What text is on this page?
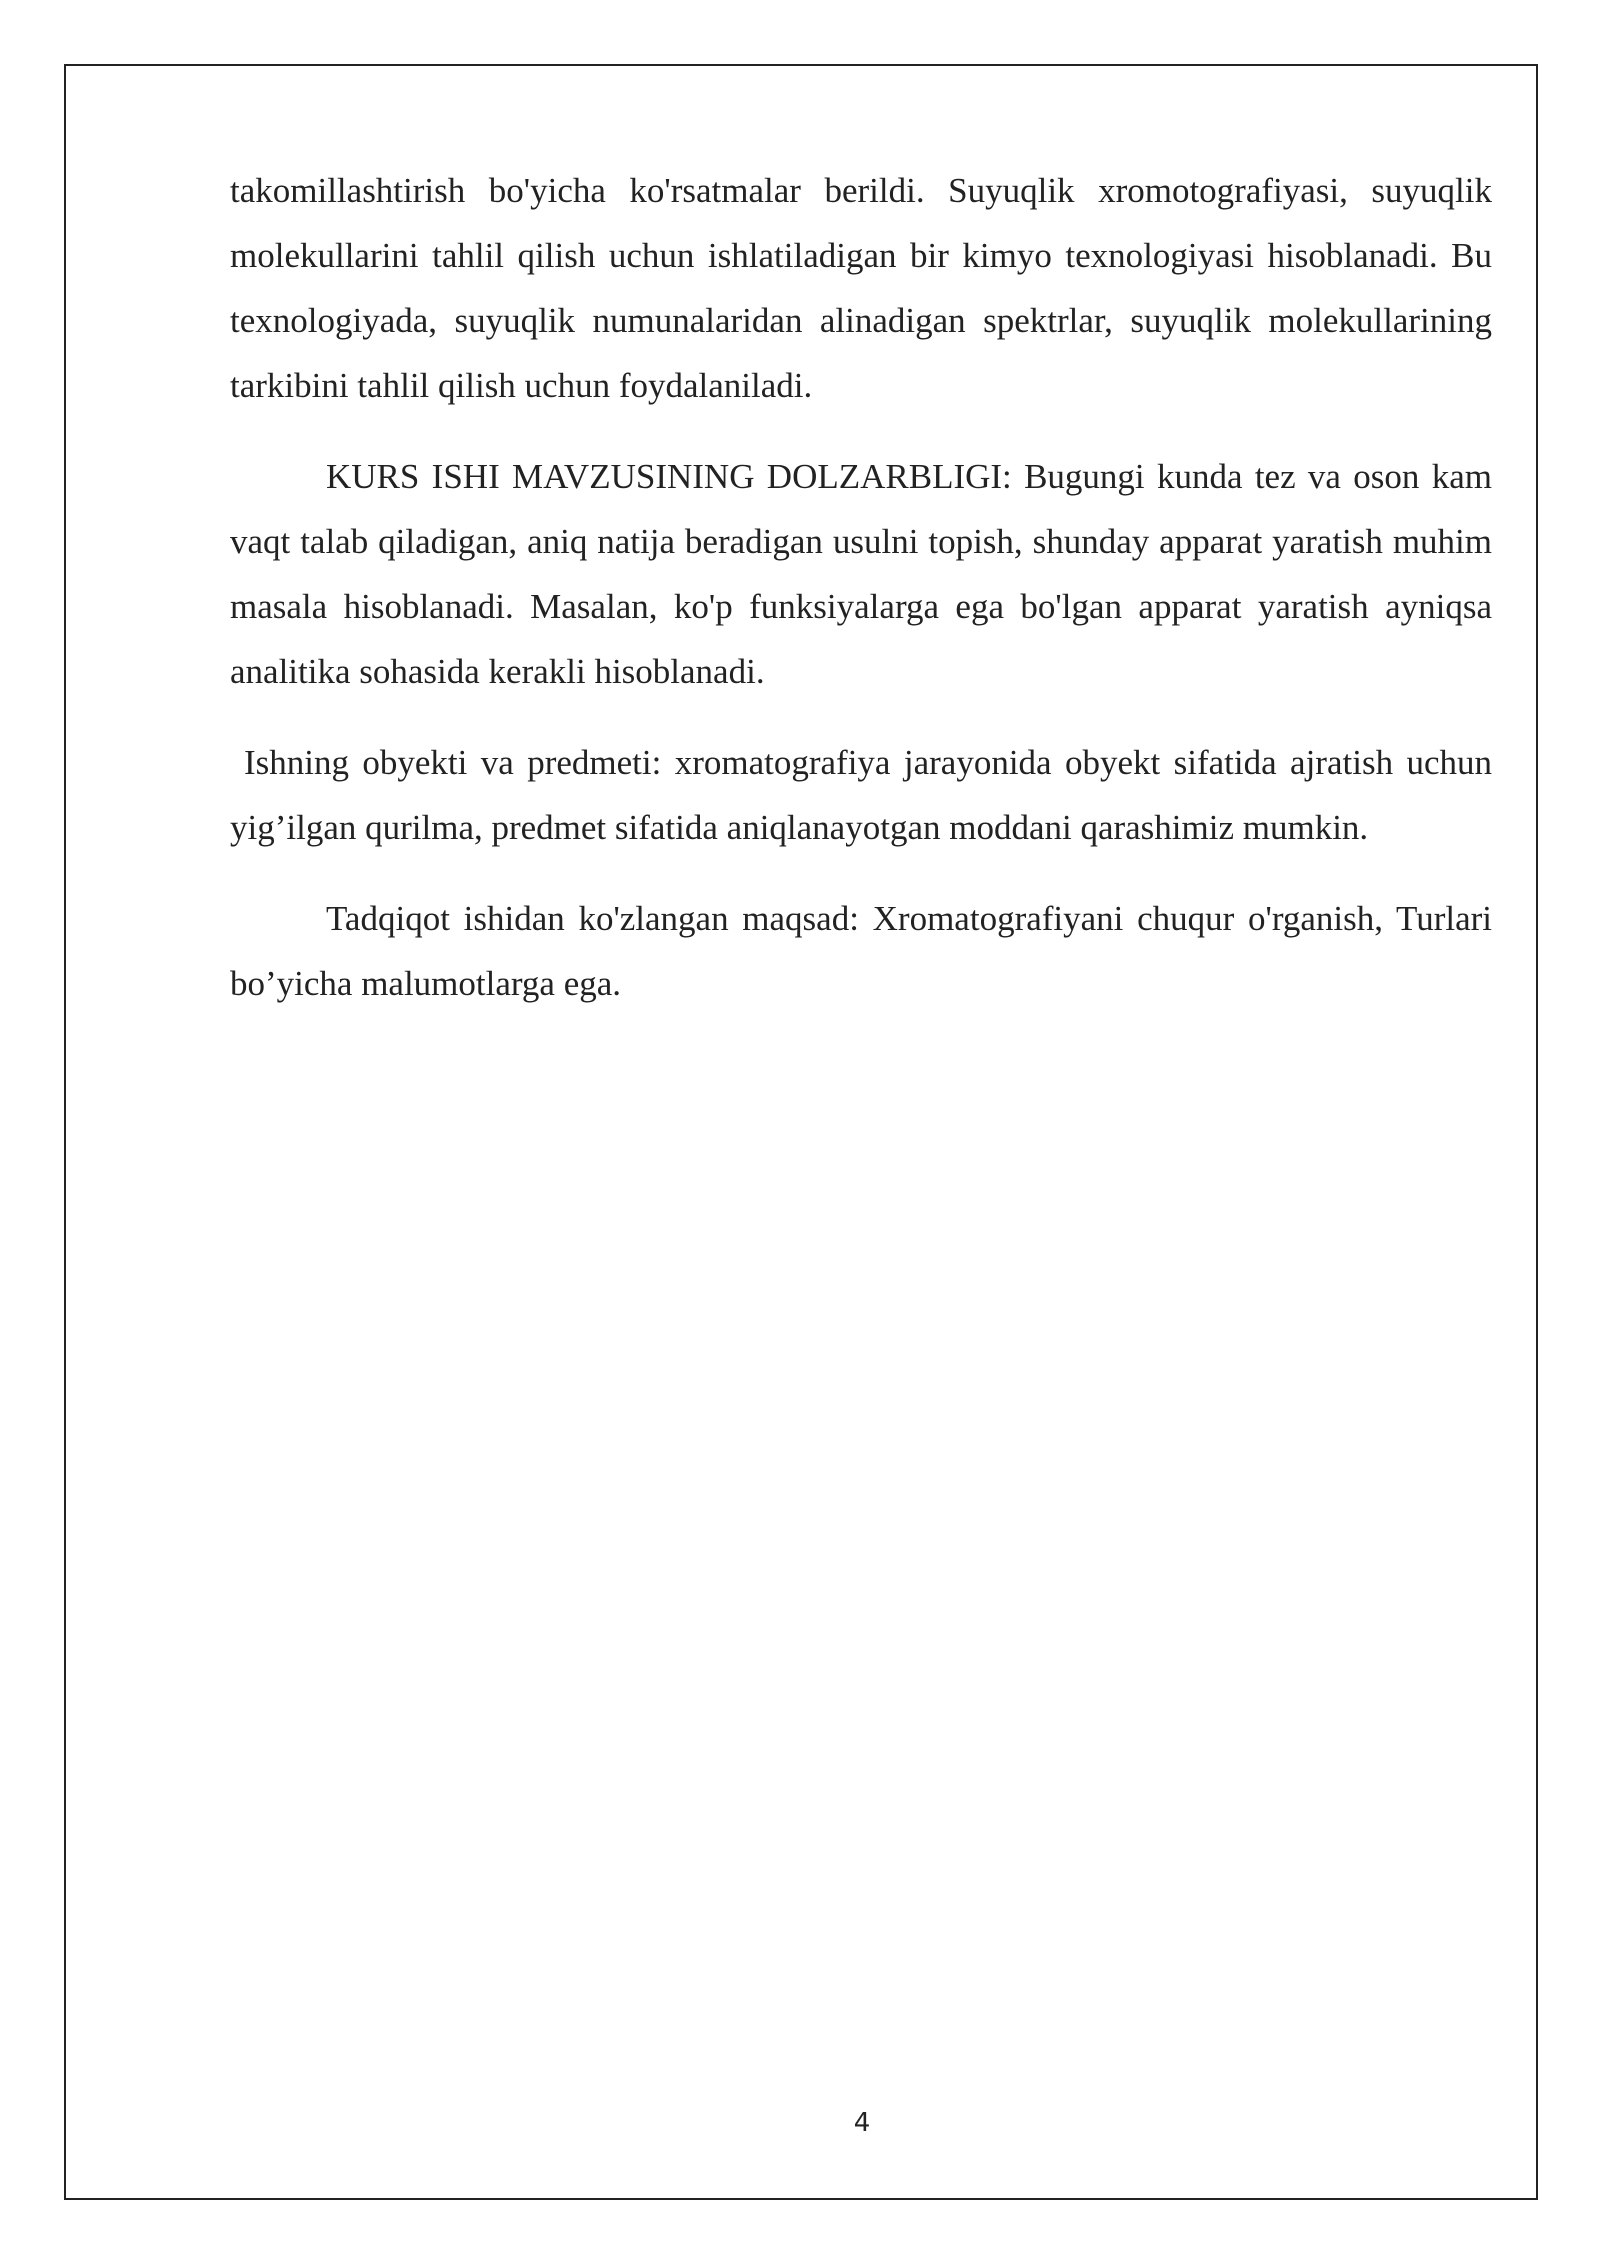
takomillashtirish bo'yicha ko'rsatmalar berildi. Suyuqlik xromotografiyasi, suyuqlik molekullarini tahlil qilish uchun ishlatiladigan bir kimyo texnologiyasi hisoblanadi. Bu texnologiyada, suyuqlik numunalaridan alinadigan spektrlar, suyuqlik molekullarining tarkibini tahlil qilish uchun foydalaniladi.

KURS ISHI MAVZUSINING DOLZARBLIGI: Bugungi kunda tez va oson kam vaqt talab qiladigan, aniq natija beradigan usulni topish, shunday apparat yaratish muhim masala hisoblanadi. Masalan, ko'p funksiyalarga ega bo'lgan apparat yaratish ayniqsa analitika sohasida kerakli hisoblanadi.

Ishning obyekti va predmeti: xromatografiya jarayonida obyekt sifatida ajratish uchun yig’ilgan qurilma, predmet sifatida aniqlanayotgan moddani qarashimiz mumkin.

Tadqiqot ishidan ko'zlangan maqsad: Xromatografiyani chuqur o'rganish, Turlari bo’yicha malumotlarga ega.

4
